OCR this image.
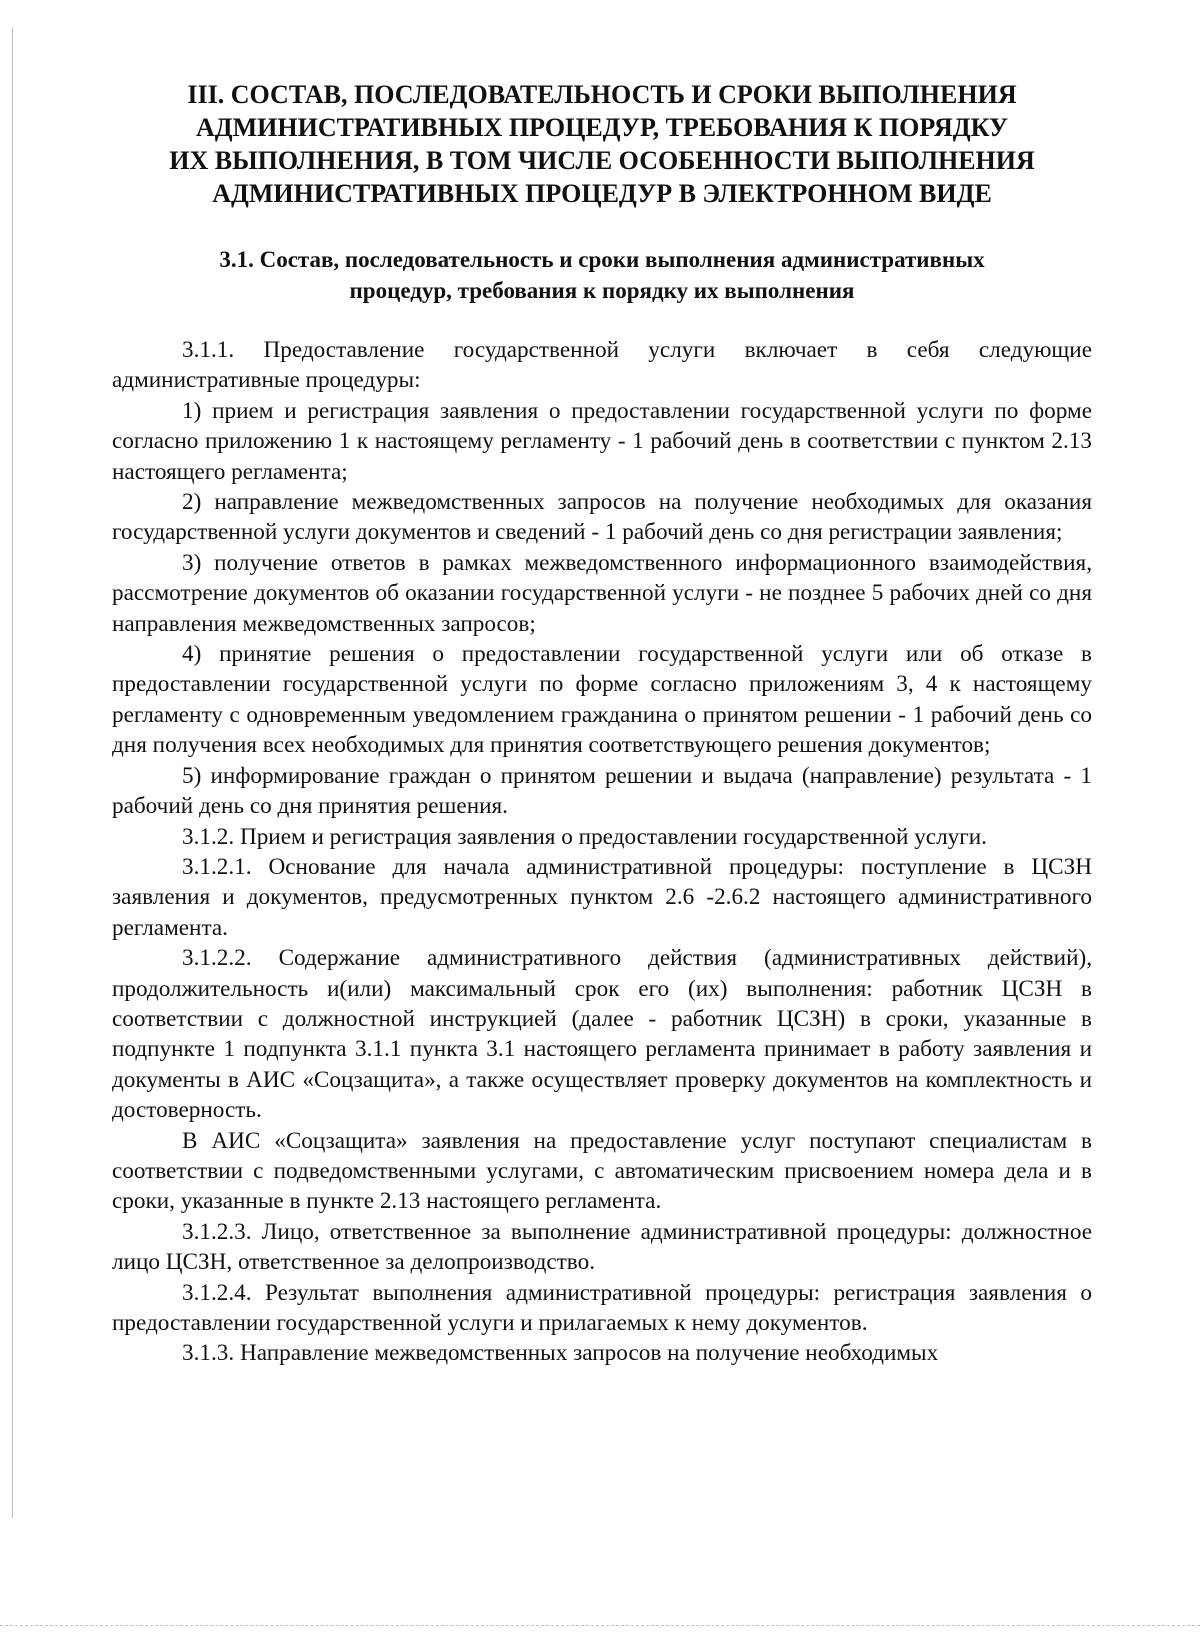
III. СОСТАВ, ПОСЛЕДОВАТЕЛЬНОСТЬ И СРОКИ ВЫПОЛНЕНИЯ
АДМИНИСТРАТИВНЫХ ПРОЦЕДУР, ТРЕБОВАНИЯ К ПОРЯДКУ
ИХ ВЫПОЛНЕНИЯ, В ТОМ ЧИСЛЕ ОСОБЕННОСТИ ВЫПОЛНЕНИЯ
АДМИНИСТРАТИВНЫХ ПРОЦЕДУР В ЭЛЕКТРОННОМ ВИДЕ
3.1. Состав, последовательность и сроки выполнения административных
процедур, требования к порядку их выполнения

3.1.1. Предоставление государственной услуги включает в себя следующие административные процедуры:

1) прием и регистрация заявления о предоставлении государственной услуги по форме согласно приложению 1 к настоящему регламенту - 1 рабочий день в соответствии с пунктом 2.13 настоящего регламента;

2) направление межведомственных запросов на получение необходимых для оказания государственной услуги документов и сведений - 1 рабочий день со дня регистрации заявления;

3) получение ответов в рамках межведомственного информационного взаимодействия, рассмотрение документов об оказании государственной услуги - не позднее 5 рабочих дней со дня направления межведомственных запросов;

4) принятие решения о предоставлении государственной услуги или об отказе в предоставлении государственной услуги по форме согласно приложениям 3, 4 к настоящему регламенту с одновременным уведомлением гражданина о принятом решении - 1 рабочий день со дня получения всех необходимых для принятия соответствующего решения документов;

5) информирование граждан о принятом решении и выдача (направление) результата - 1 рабочий день со дня принятия решения.

3.1.2. Прием и регистрация заявления о предоставлении государственной услуги.

3.1.2.1. Основание для начала административной процедуры: поступление в ЦСЗН заявления и документов, предусмотренных пунктом 2.6 -2.6.2 настоящего административного регламента.

3.1.2.2. Содержание административного действия (административных действий), продолжительность и(или) максимальный срок его (их) выполнения: работник ЦСЗН в соответствии с должностной инструкцией (далее - работник ЦСЗН) в сроки, указанные в подпункте 1 подпункта 3.1.1 пункта 3.1 настоящего регламента принимает в работу заявления и документы в АИС «Соцзащита», а также осуществляет проверку документов на комплектность и достоверность.

В АИС «Соцзащита» заявления на предоставление услуг поступают специалистам в соответствии с подведомственными услугами, с автоматическим присвоением номера дела и в сроки, указанные в пункте 2.13 настоящего регламента.

3.1.2.3. Лицо, ответственное за выполнение административной процедуры: должностное лицо ЦСЗН, ответственное за делопроизводство.

3.1.2.4. Результат выполнения административной процедуры: регистрация заявления о предоставлении государственной услуги и прилагаемых к нему документов.

3.1.3. Направление межведомственных запросов на получение необходимых
